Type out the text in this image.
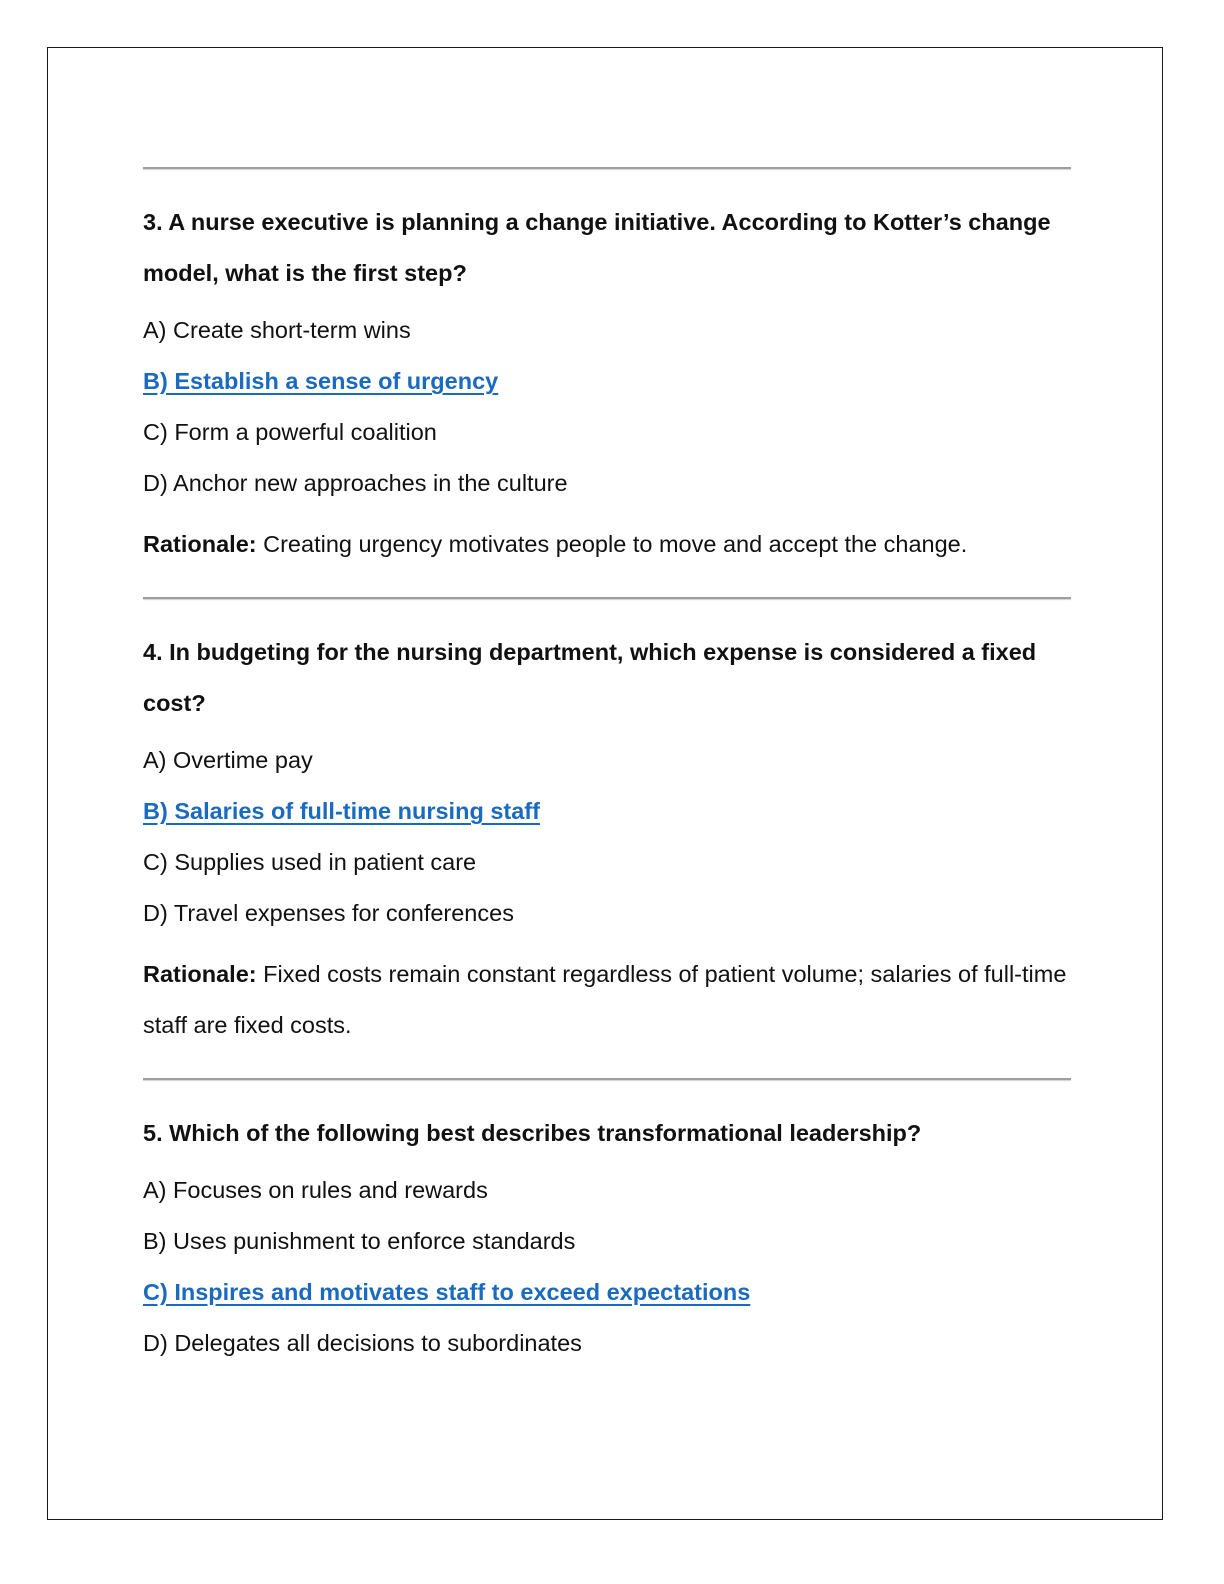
3. A nurse executive is planning a change initiative. According to Kotter’s change model, what is the first step?

A) Create short-term wins
B) Establish a sense of urgency
C) Form a powerful coalition
D) Anchor new approaches in the culture

Rationale: Creating urgency motivates people to move and accept the change.

4. In budgeting for the nursing department, which expense is considered a fixed cost?

A) Overtime pay
B) Salaries of full-time nursing staff
C) Supplies used in patient care
D) Travel expenses for conferences

Rationale: Fixed costs remain constant regardless of patient volume; salaries of full-time staff are fixed costs.

5. Which of the following best describes transformational leadership?

A) Focuses on rules and rewards
B) Uses punishment to enforce standards
C) Inspires and motivates staff to exceed expectations
D) Delegates all decisions to subordinates
